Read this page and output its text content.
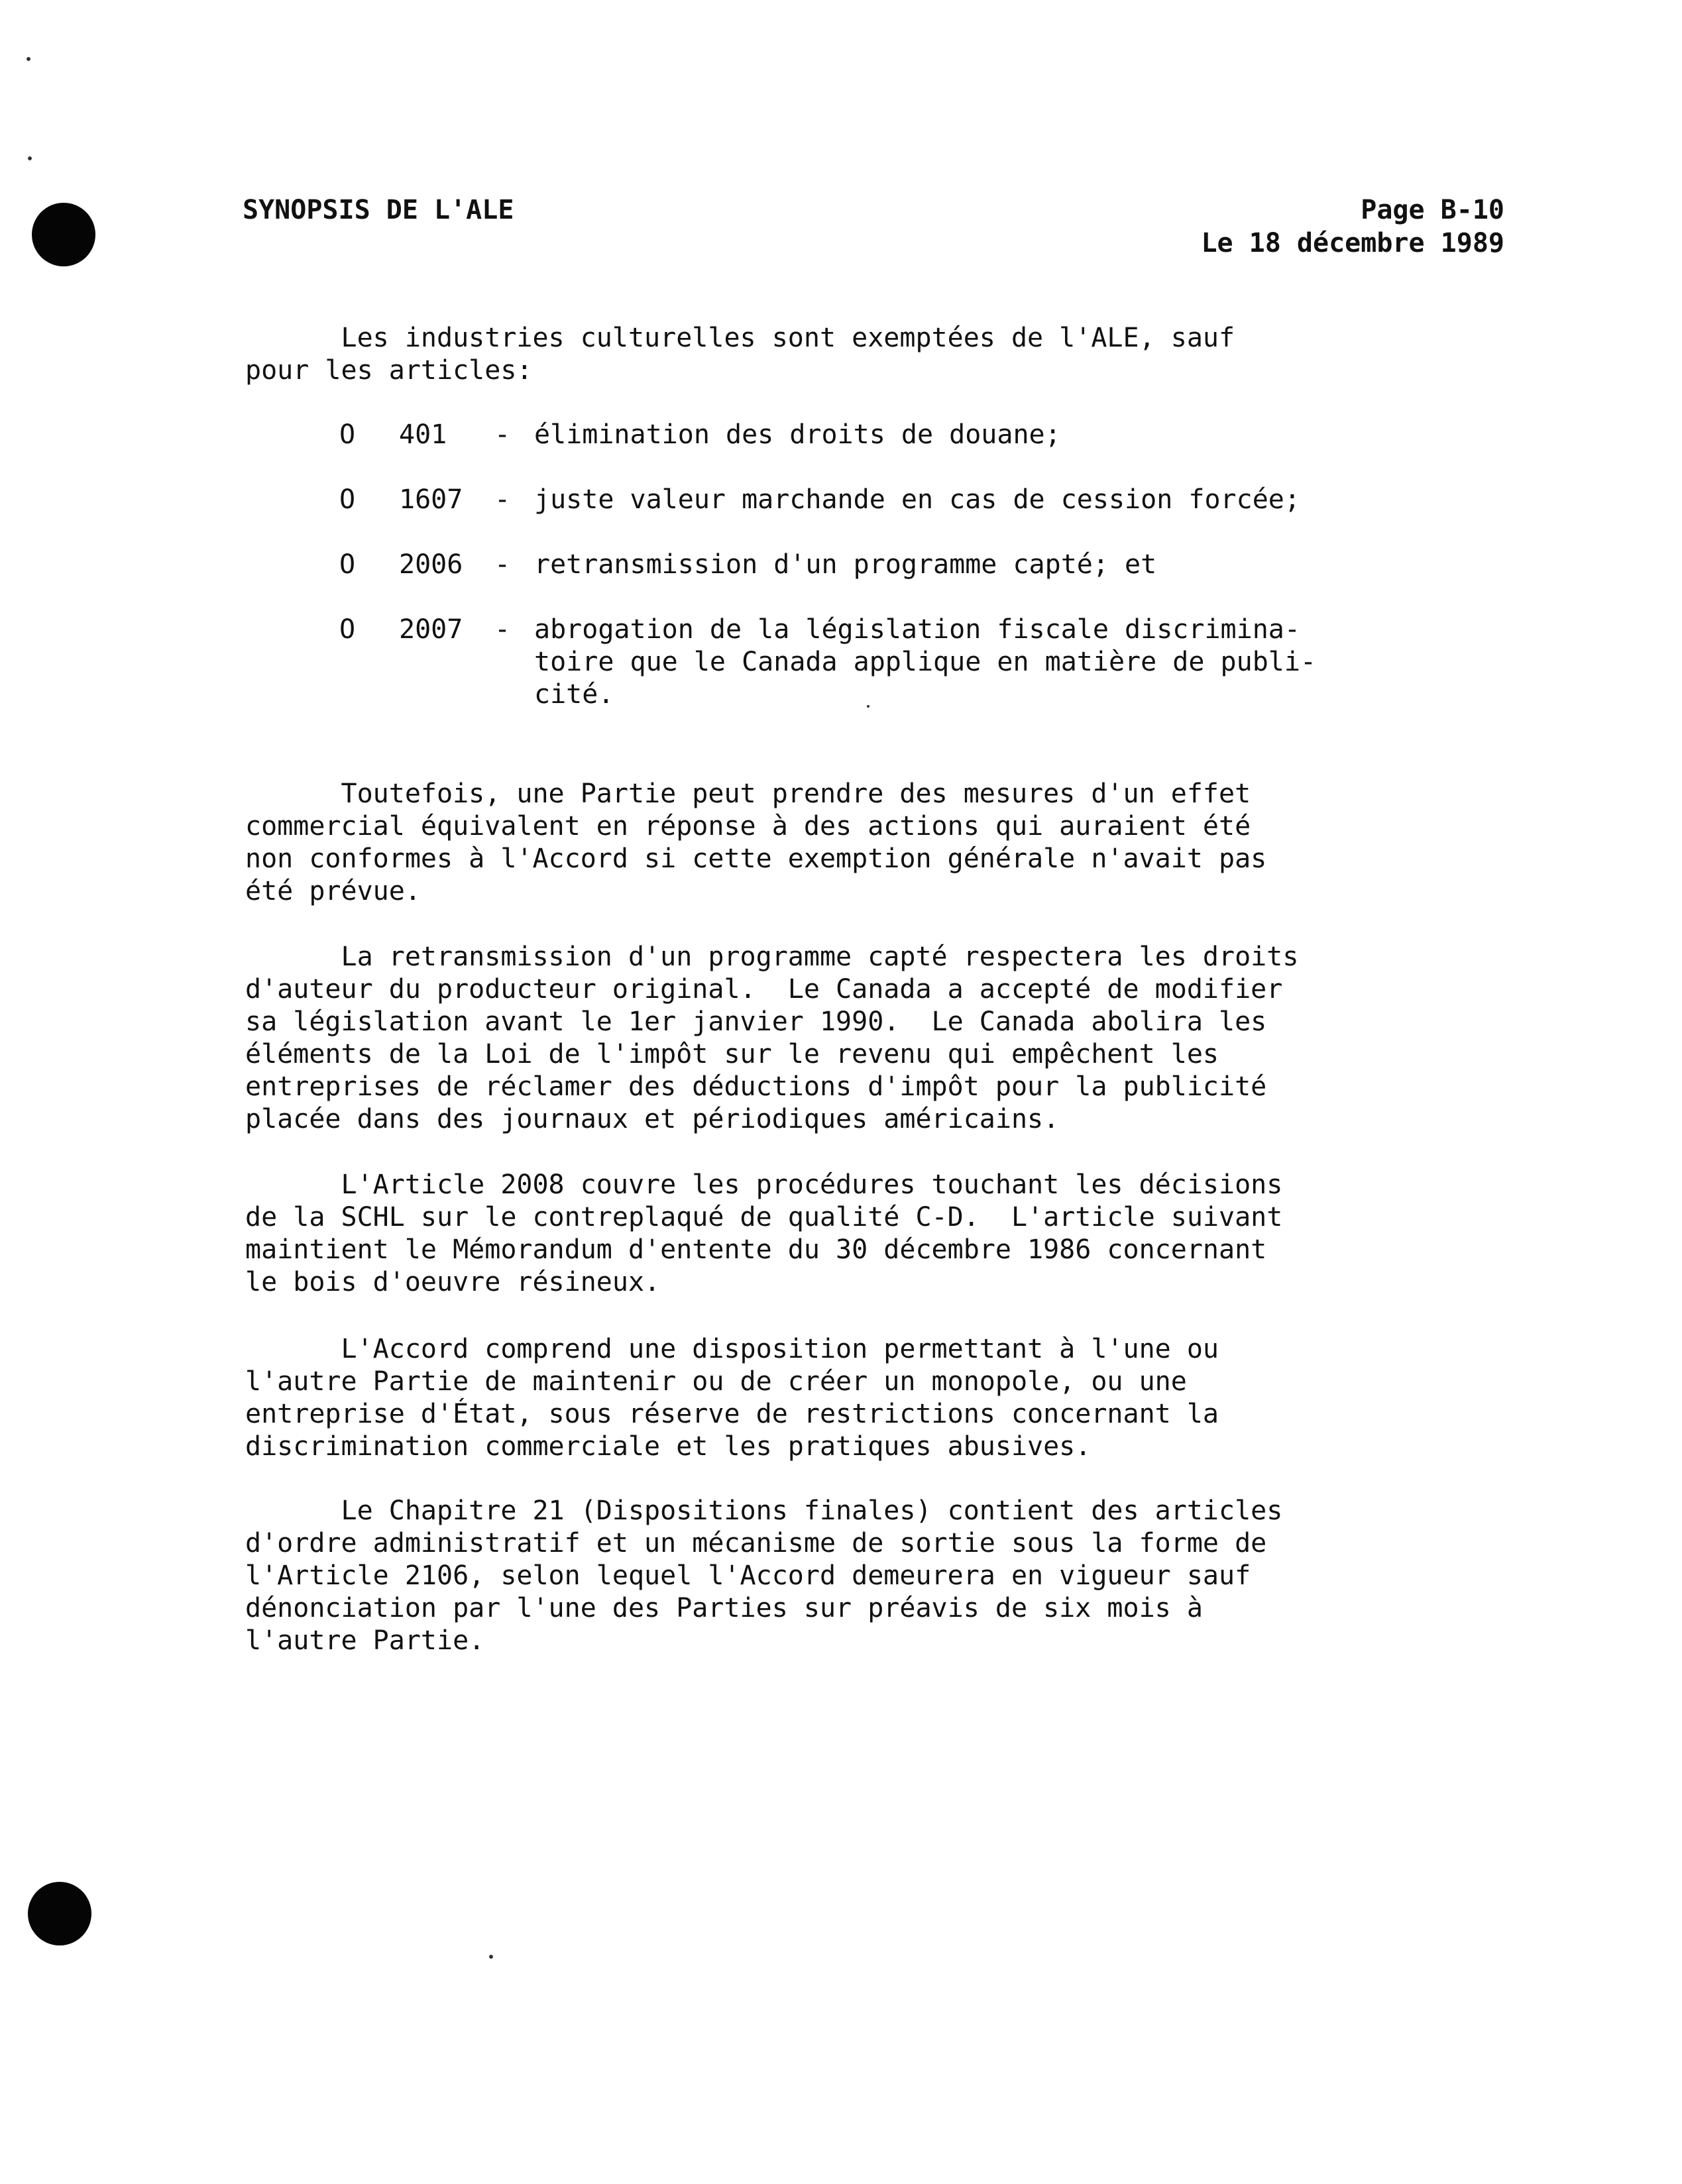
SYNOPSIS DE L'ALE	Page B-10
Le 18 décembre 1989
Les industries culturelles sont exemptées de l'ALE, sauf
pour les articles:
O 401 - élimination des droits de douane;
O 1607 - juste valeur marchande en cas de cession forcée;
O 2006 - retransmission d'un programme capté; et
O 2007 - abrogation de la législation fiscale discrimina-
toire que le Canada applique en matière de publi-
cité.
Toutefois, une Partie peut prendre des mesures d'un effet
commercial équivalent en réponse à des actions qui auraient été
non conformes à l'Accord si cette exemption générale n'avait pas
été prévue.
La retransmission d'un programme capté respectera les droits
d'auteur du producteur original.  Le Canada a accepté de modifier
sa législation avant le 1er janvier 1990.  Le Canada abolira les
éléments de la Loi de l'impôt sur le revenu qui empêchent les
entreprises de réclamer des déductions d'impôt pour la publicité
placée dans des journaux et périodiques américains.
L'Article 2008 couvre les procédures touchant les décisions
de la SCHL sur le contreplaqué de qualité C-D.  L'article suivant
maintient le Mémorandum d'entente du 30 décembre 1986 concernant
le bois d'oeuvre résineux.
L'Accord comprend une disposition permettant à l'une ou
l'autre Partie de maintenir ou de créer un monopole, ou une
entreprise d'État, sous réserve de restrictions concernant la
discrimination commerciale et les pratiques abusives.
Le Chapitre 21 (Dispositions finales) contient des articles
d'ordre administratif et un mécanisme de sortie sous la forme de
l'Article 2106, selon lequel l'Accord demeurera en vigueur sauf
dénonciation par l'une des Parties sur préavis de six mois à
l'autre Partie.
